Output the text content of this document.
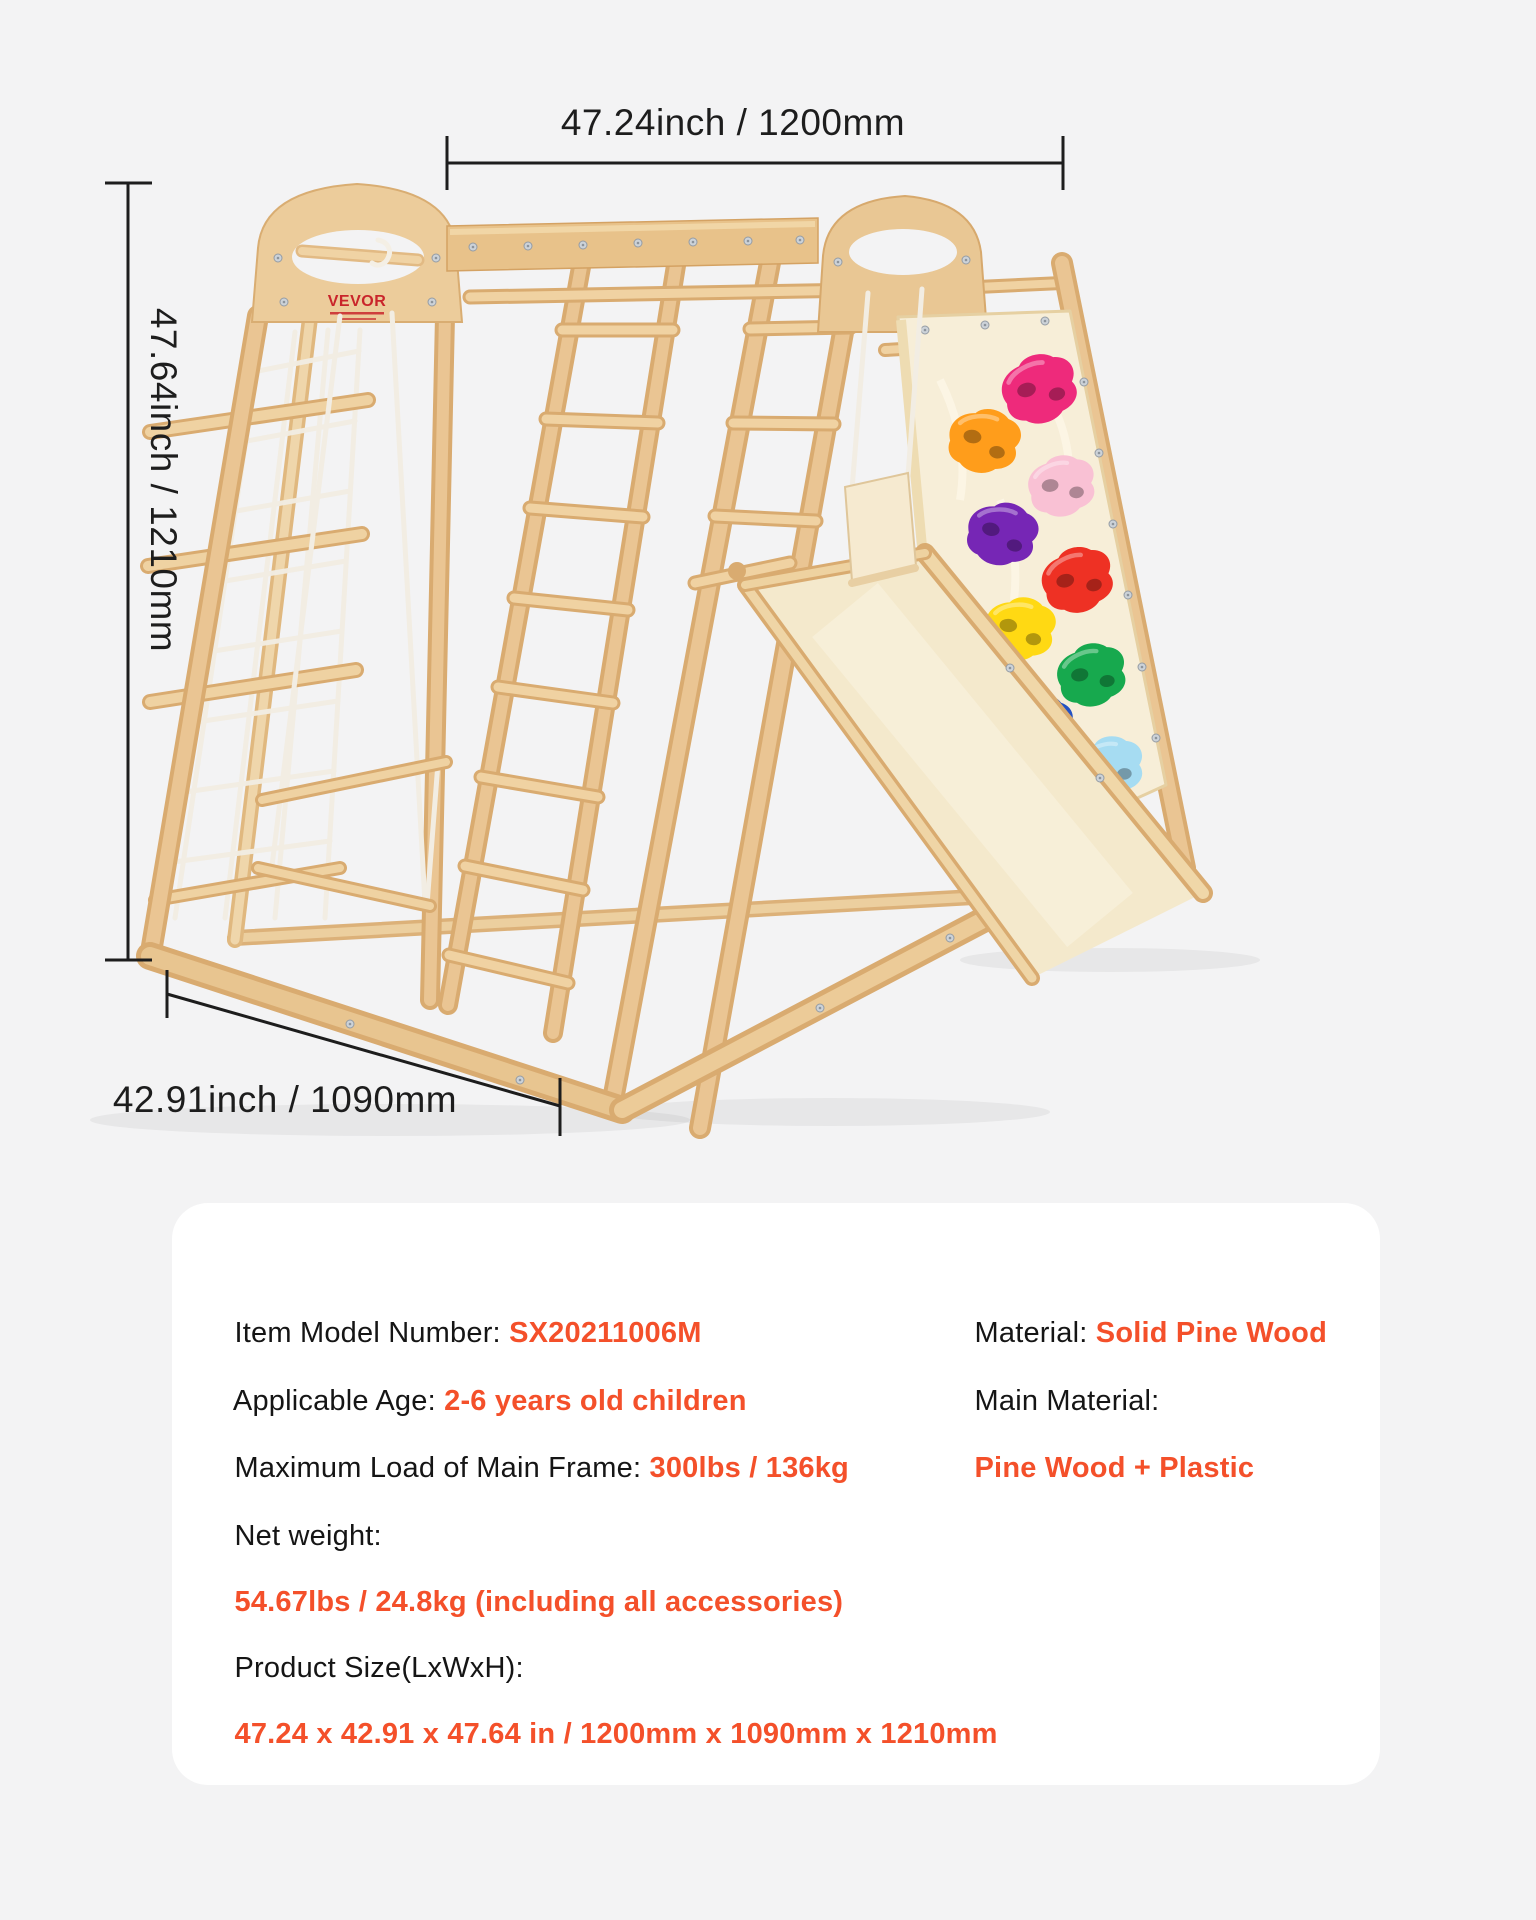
VEVOR
47.24inch / 1200mm
47.64inch / 1210mm
42.91inch / 1090mm

Item Model Number: SX20211006M

Applicable Age: 2-6 years old children

Maximum Load of Main Frame: 300lbs / 136kg

Net weight:

54.67lbs / 24.8kg (including all accessories)

Product Size(LxWxH):

47.24 x 42.91 x 47.64 in / 1200mm x 1090mm x 1210mm

Material: Solid Pine Wood

Main Material:

Pine Wood + Plastic
